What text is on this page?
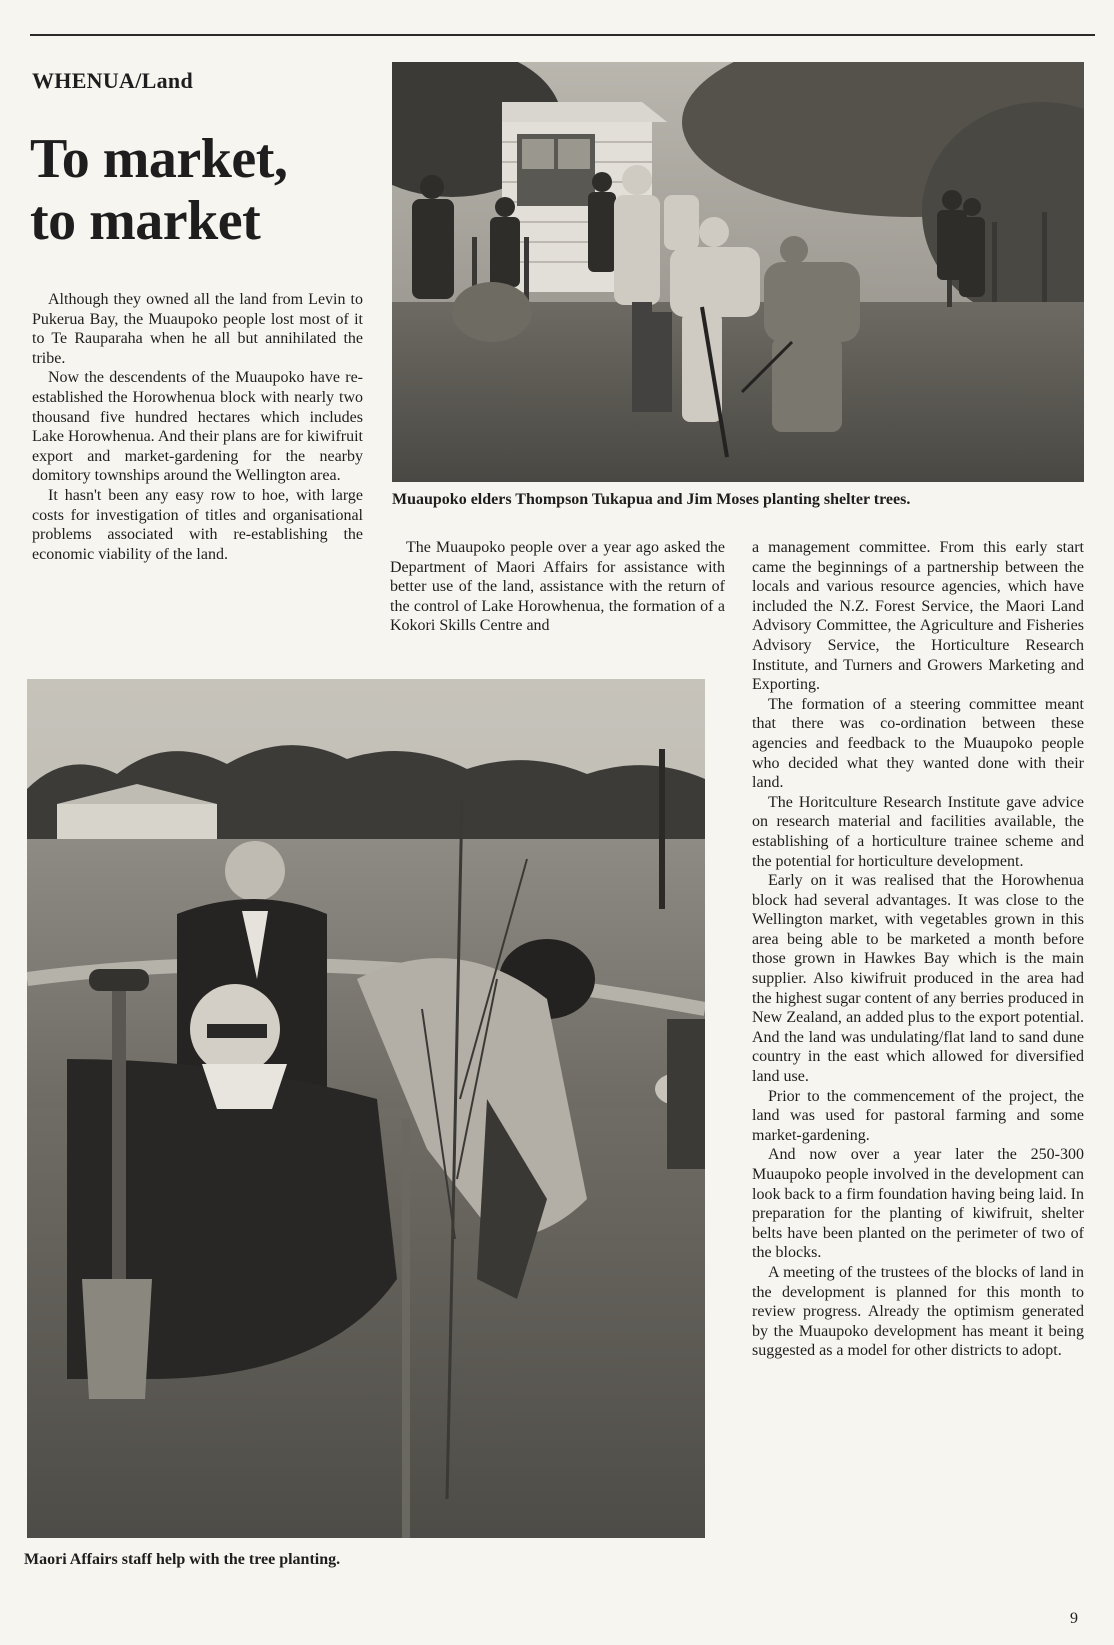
WHENUA/Land
To market,
to market

Although they owned all the land from Levin to Pukerua Bay, the Muaupoko people lost most of it to Te Rauparaha when he all but annihilated the tribe.

Now the descendents of the Muaupoko have re-established the Horowhenua block with nearly two thousand five hundred hectares which includes Lake Horowhenua. And their plans are for kiwifruit export and market-gardening for the nearby domitory townships around the Wellington area.

It hasn't been any easy row to hoe, with large costs for investigation of titles and organisational problems associated with re-establishing the economic viability of the land.

Muaupoko elders Thompson Tukapua and Jim Moses planting shelter trees.

The Muaupoko people over a year ago asked the Department of Maori Affairs for assistance with better use of the land, assistance with the return of the control of Lake Horowhenua, the formation of a Kokori Skills Centre and

a management committee. From this early start came the beginnings of a partnership between the locals and various resource agencies, which have included the N.Z. Forest Service, the Maori Land Advisory Committee, the Agriculture and Fisheries Advisory Service, the Horticulture Research Institute, and Turners and Growers Marketing and Exporting.

The formation of a steering committee meant that there was co-ordination between these agencies and feedback to the Muaupoko people who decided what they wanted done with their land.

The Horitculture Research Institute gave advice on research material and facilities available, the establishing of a horticulture trainee scheme and the potential for horticulture development.

Early on it was realised that the Horowhenua block had several advantages. It was close to the Wellington market, with vegetables grown in this area being able to be marketed a month before those grown in Hawkes Bay which is the main supplier. Also kiwifruit produced in the area had the highest sugar content of any berries produced in New Zealand, an added plus to the export potential. And the land was undulating/flat land to sand dune country in the east which allowed for diversified land use.

Prior to the commencement of the project, the land was used for pastoral farming and some market-gardening.

And now over a year later the 250-300 Muaupoko people involved in the development can look back to a firm foundation having being laid. In preparation for the planting of kiwifruit, shelter belts have been planted on the perimeter of two of the blocks.

A meeting of the trustees of the blocks of land in the development is planned for this month to review progress. Already the optimism generated by the Muaupoko development has meant it being suggested as a model for other districts to adopt.

Maori Affairs staff help with the tree planting.
9
